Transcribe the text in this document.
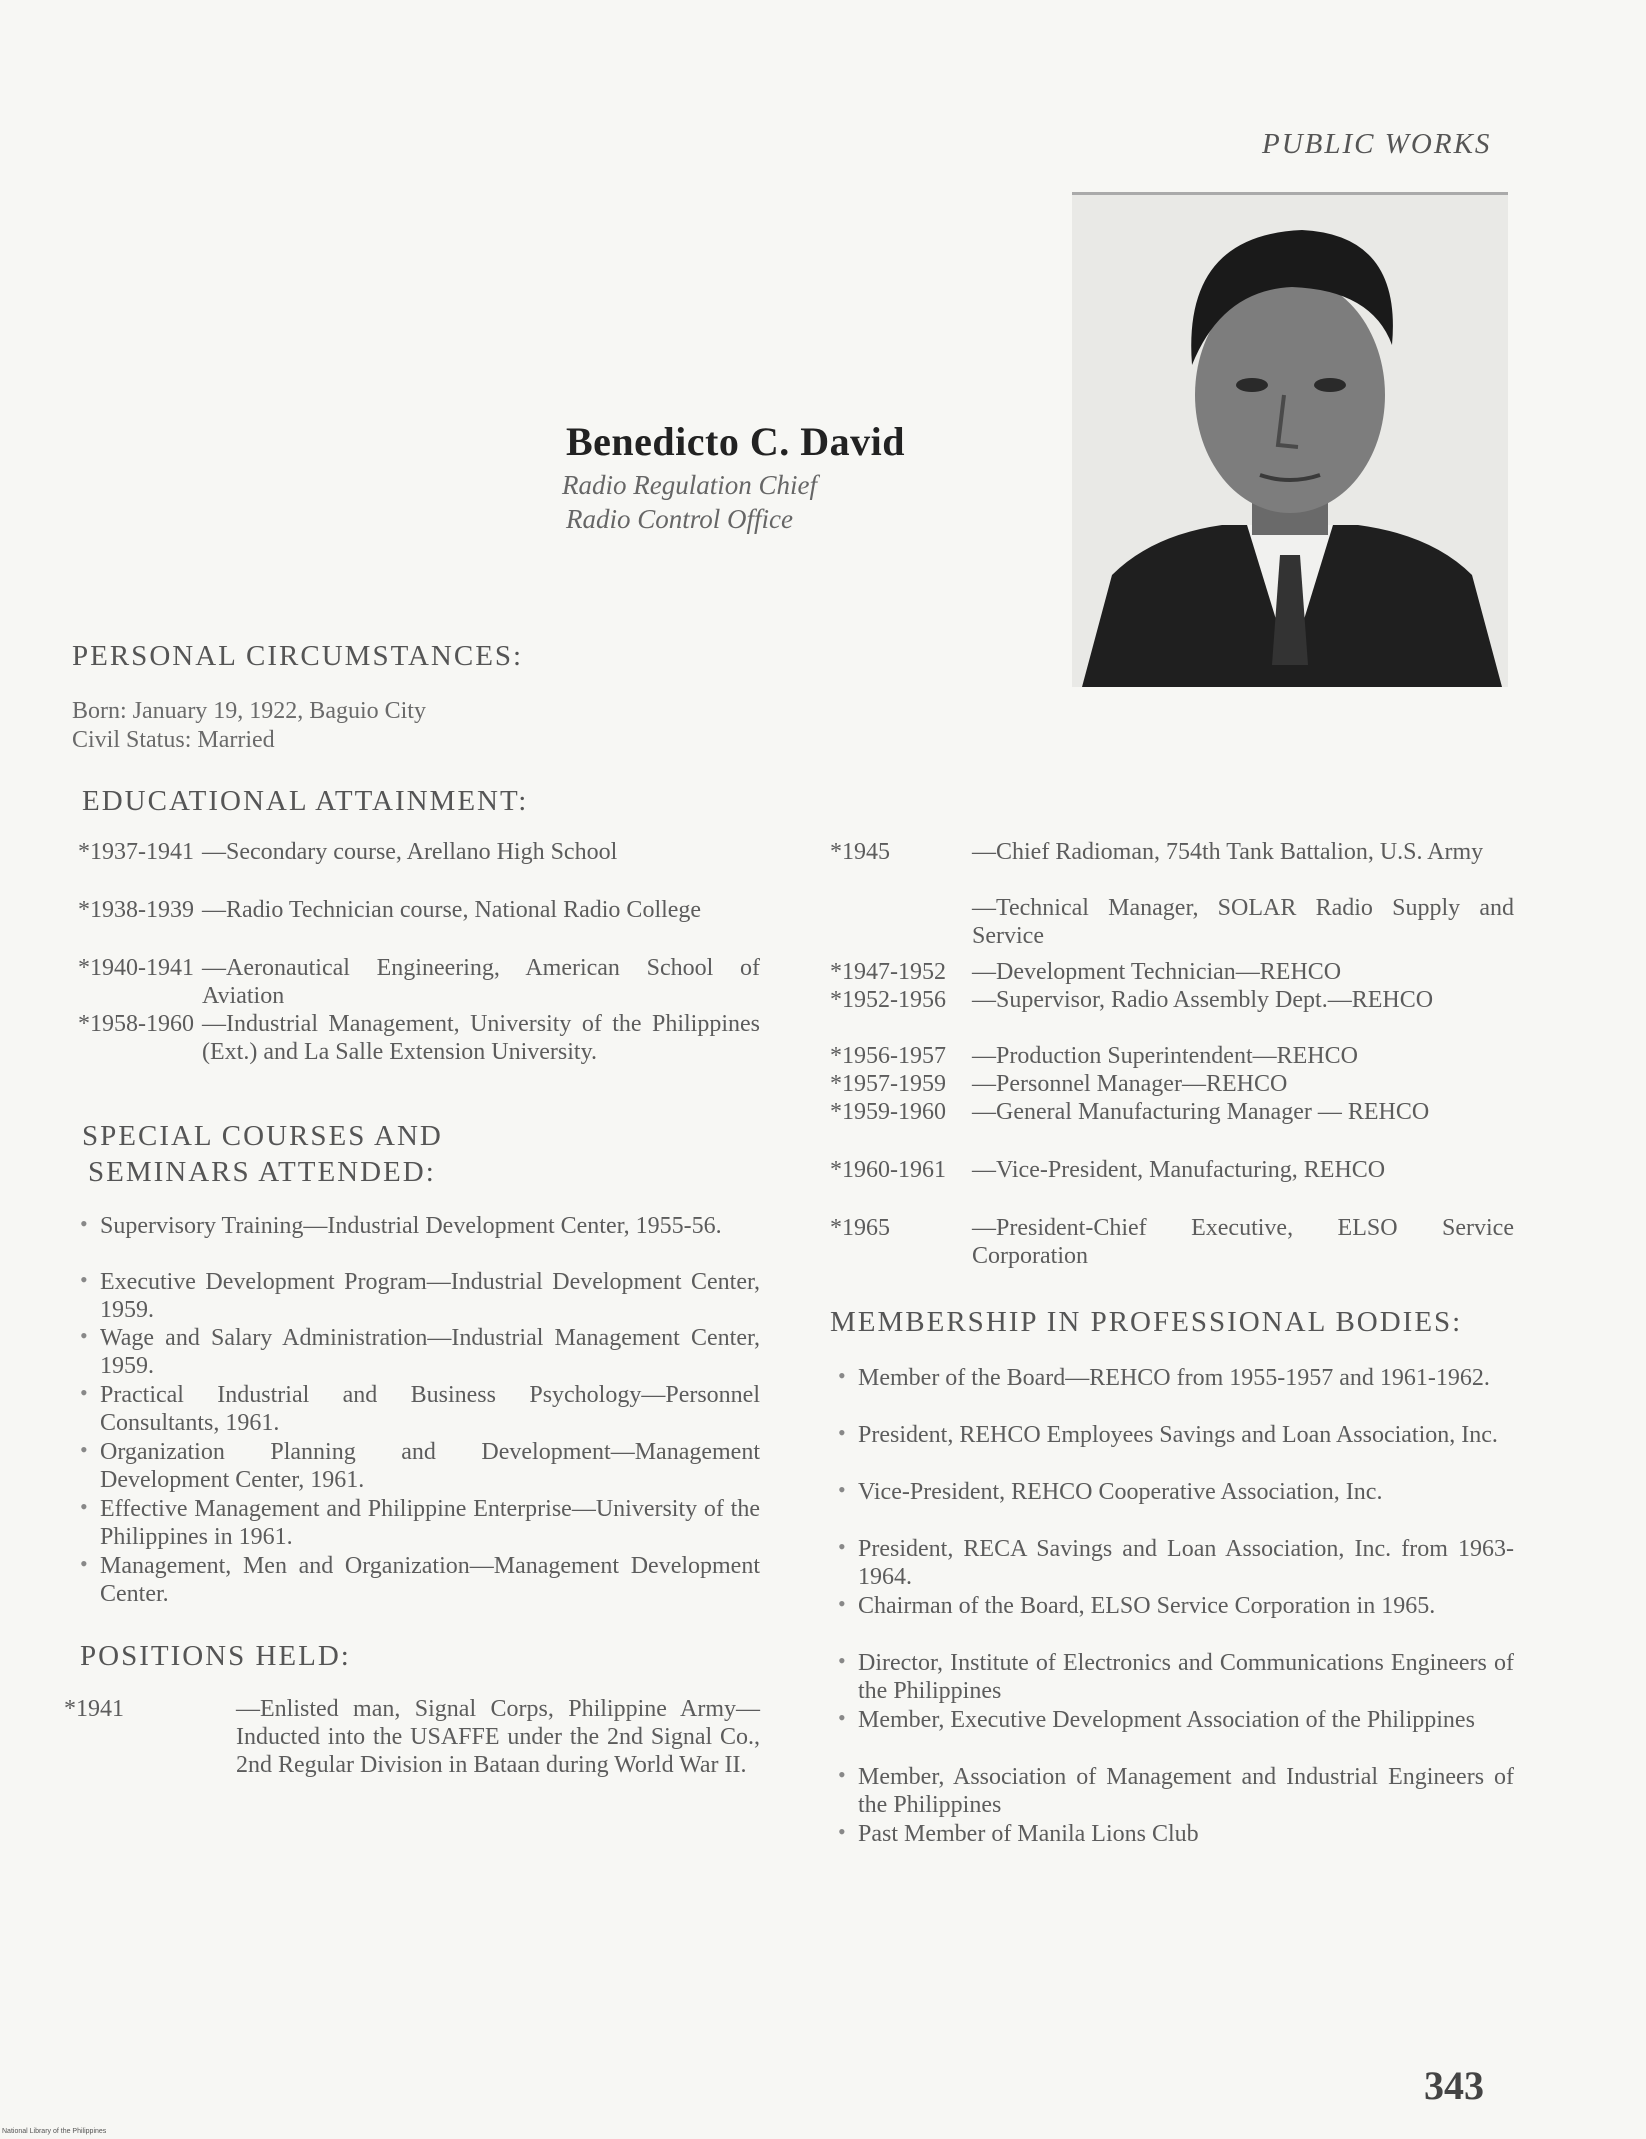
PUBLIC WORKS
Benedicto C. David
Radio Regulation Chief
Radio Control Office
PERSONAL CIRCUMSTANCES:
Born: January 19, 1922, Baguio City
Civil Status: Married
EDUCATIONAL ATTAINMENT:
*1937-1941 —Secondary course, Arellano High School
*1938-1939 —Radio Technician course, National Radio College
*1940-1941 —Aeronautical Engineering, American School of Aviation
*1958-1960 —Industrial Management, University of the Philippines (Ext.) and La Salle Extension University.
SPECIAL COURSES AND
SEMINARS ATTENDED:
• Supervisory Training—Industrial Development Center, 1955-56.
• Executive Development Program—Industrial Development Center, 1959.
• Wage and Salary Administration—Industrial Management Center, 1959.
• Practical Industrial and Business Psychology—Personnel Consultants, 1961.
• Organization Planning and Development—Management Development Center, 1961.
• Effective Management and Philippine Enterprise—University of the Philippines in 1961.
• Management, Men and Organization—Management Development Center.
POSITIONS HELD:
*1941	—Enlisted man, Signal Corps, Philippine Army—Inducted into the USAFFE under the 2nd Signal Co., 2nd Regular Division in Bataan during World War II.
*1945	—Chief Radioman, 754th Tank Battalion, U.S. Army
—Technical Manager, SOLAR Radio Supply and Service
*1947-1952 —Development Technician—REHCO
*1952-1956 —Supervisor, Radio Assembly Dept.—REHCO
*1956-1957 —Production Superintendent—REHCO
*1957-1959 —Personnel Manager—REHCO
*1959-1960 —General Manufacturing Manager — REHCO
*1960-1961 —Vice-President, Manufacturing, REHCO
*1965	—President-Chief Executive, ELSO Service Corporation
MEMBERSHIP IN PROFESSIONAL BODIES:
• Member of the Board—REHCO from 1955-1957 and 1961-1962.
• President, REHCO Employees Savings and Loan Association, Inc.
• Vice-President, REHCO Cooperative Association, Inc.
• President, RECA Savings and Loan Association, Inc. from 1963-1964.
• Chairman of the Board, ELSO Service Corporation in 1965.
• Director, Institute of Electronics and Communications Engineers of the Philippines
• Member, Executive Development Association of the Philippines
• Member, Association of Management and Industrial Engineers of the Philippines
• Past Member of Manila Lions Club
343
National Library of the Philippines
